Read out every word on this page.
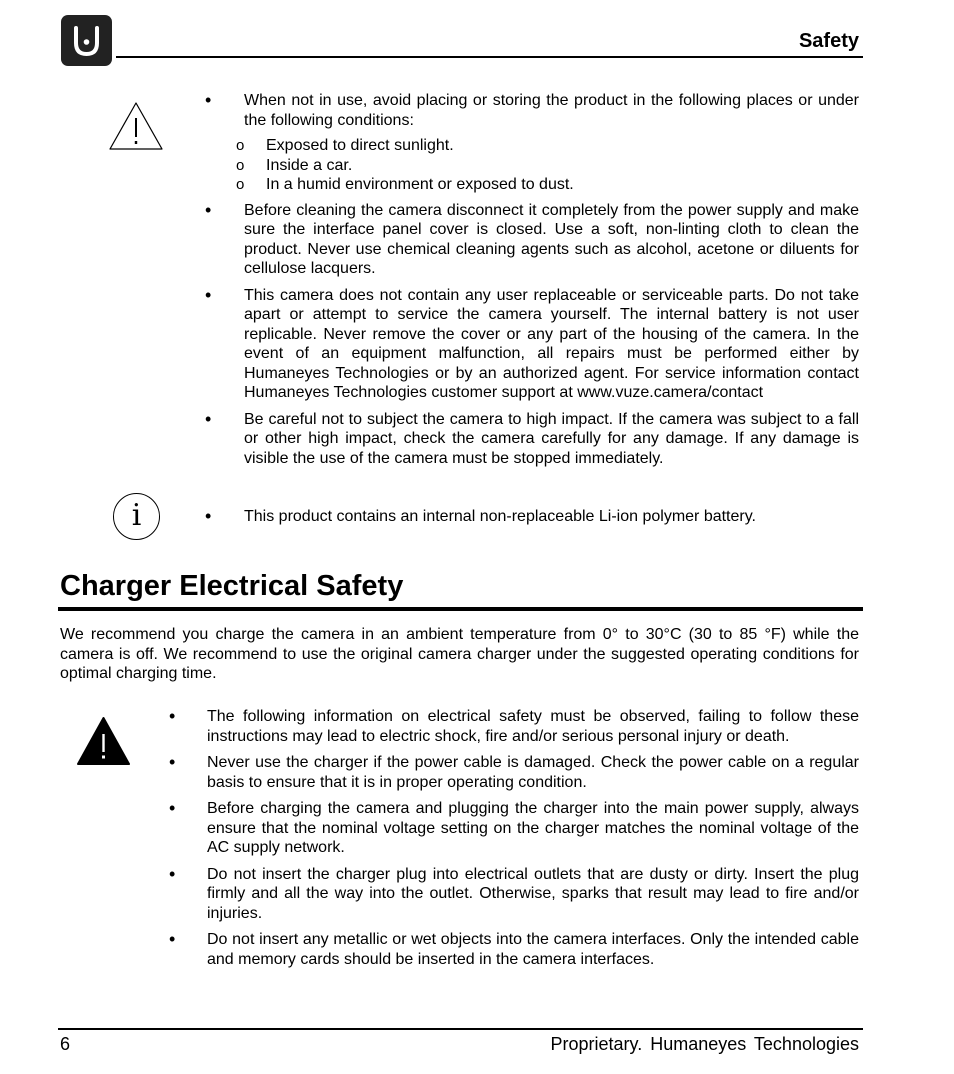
Safety
• When not in use, avoid placing or storing the product in the following places or under the following conditions:
o Exposed to direct sunlight.
o Inside a car.
o In a humid environment or exposed to dust.
• Before cleaning the camera disconnect it completely from the power supply and make sure the interface panel cover is closed. Use a soft, non-linting cloth to clean the product. Never use chemical cleaning agents such as alcohol, acetone or diluents for cellulose lacquers.
• This camera does not contain any user replaceable or serviceable parts. Do not take apart or attempt to service the camera yourself. The internal battery is not user replicable. Never remove the cover or any part of the housing of the camera. In the event of an equipment malfunction, all repairs must be performed either by Humaneyes Technologies or by an authorized agent. For service information contact Humaneyes Technologies customer support at www.vuze.camera/contact
• Be careful not to subject the camera to high impact. If the camera was subject to a fall or other high impact, check the camera carefully for any damage. If any damage is visible the use of the camera must be stopped immediately.
i
•	This product contains an internal non-replaceable Li-ion polymer battery.
Charger Electrical Safety

We recommend you charge the camera in an ambient temperature from 0° to 30°C (30 to 85 °F) while the camera is off. We recommend to use the original camera charger under the suggested operating conditions for optimal charging time.

• The following information on electrical safety must be observed, failing to follow these instructions may lead to electric shock, fire and/or serious personal injury or death.
• Never use the charger if the power cable is damaged. Check the power cable on a regular basis to ensure that it is in proper operating condition.
• Before charging the camera and plugging the charger into the main power supply, always ensure that the nominal voltage setting on the charger matches the nominal voltage of the AC supply network.
• Do not insert the charger plug into electrical outlets that are dusty or dirty. Insert the plug firmly and all the way into the outlet. Otherwise, sparks that result may lead to fire and/or injuries.
• Do not insert any metallic or wet objects into the camera interfaces. Only the intended cable and memory cards should be inserted in the camera interfaces.
6	Proprietary. Humaneyes Technologies
